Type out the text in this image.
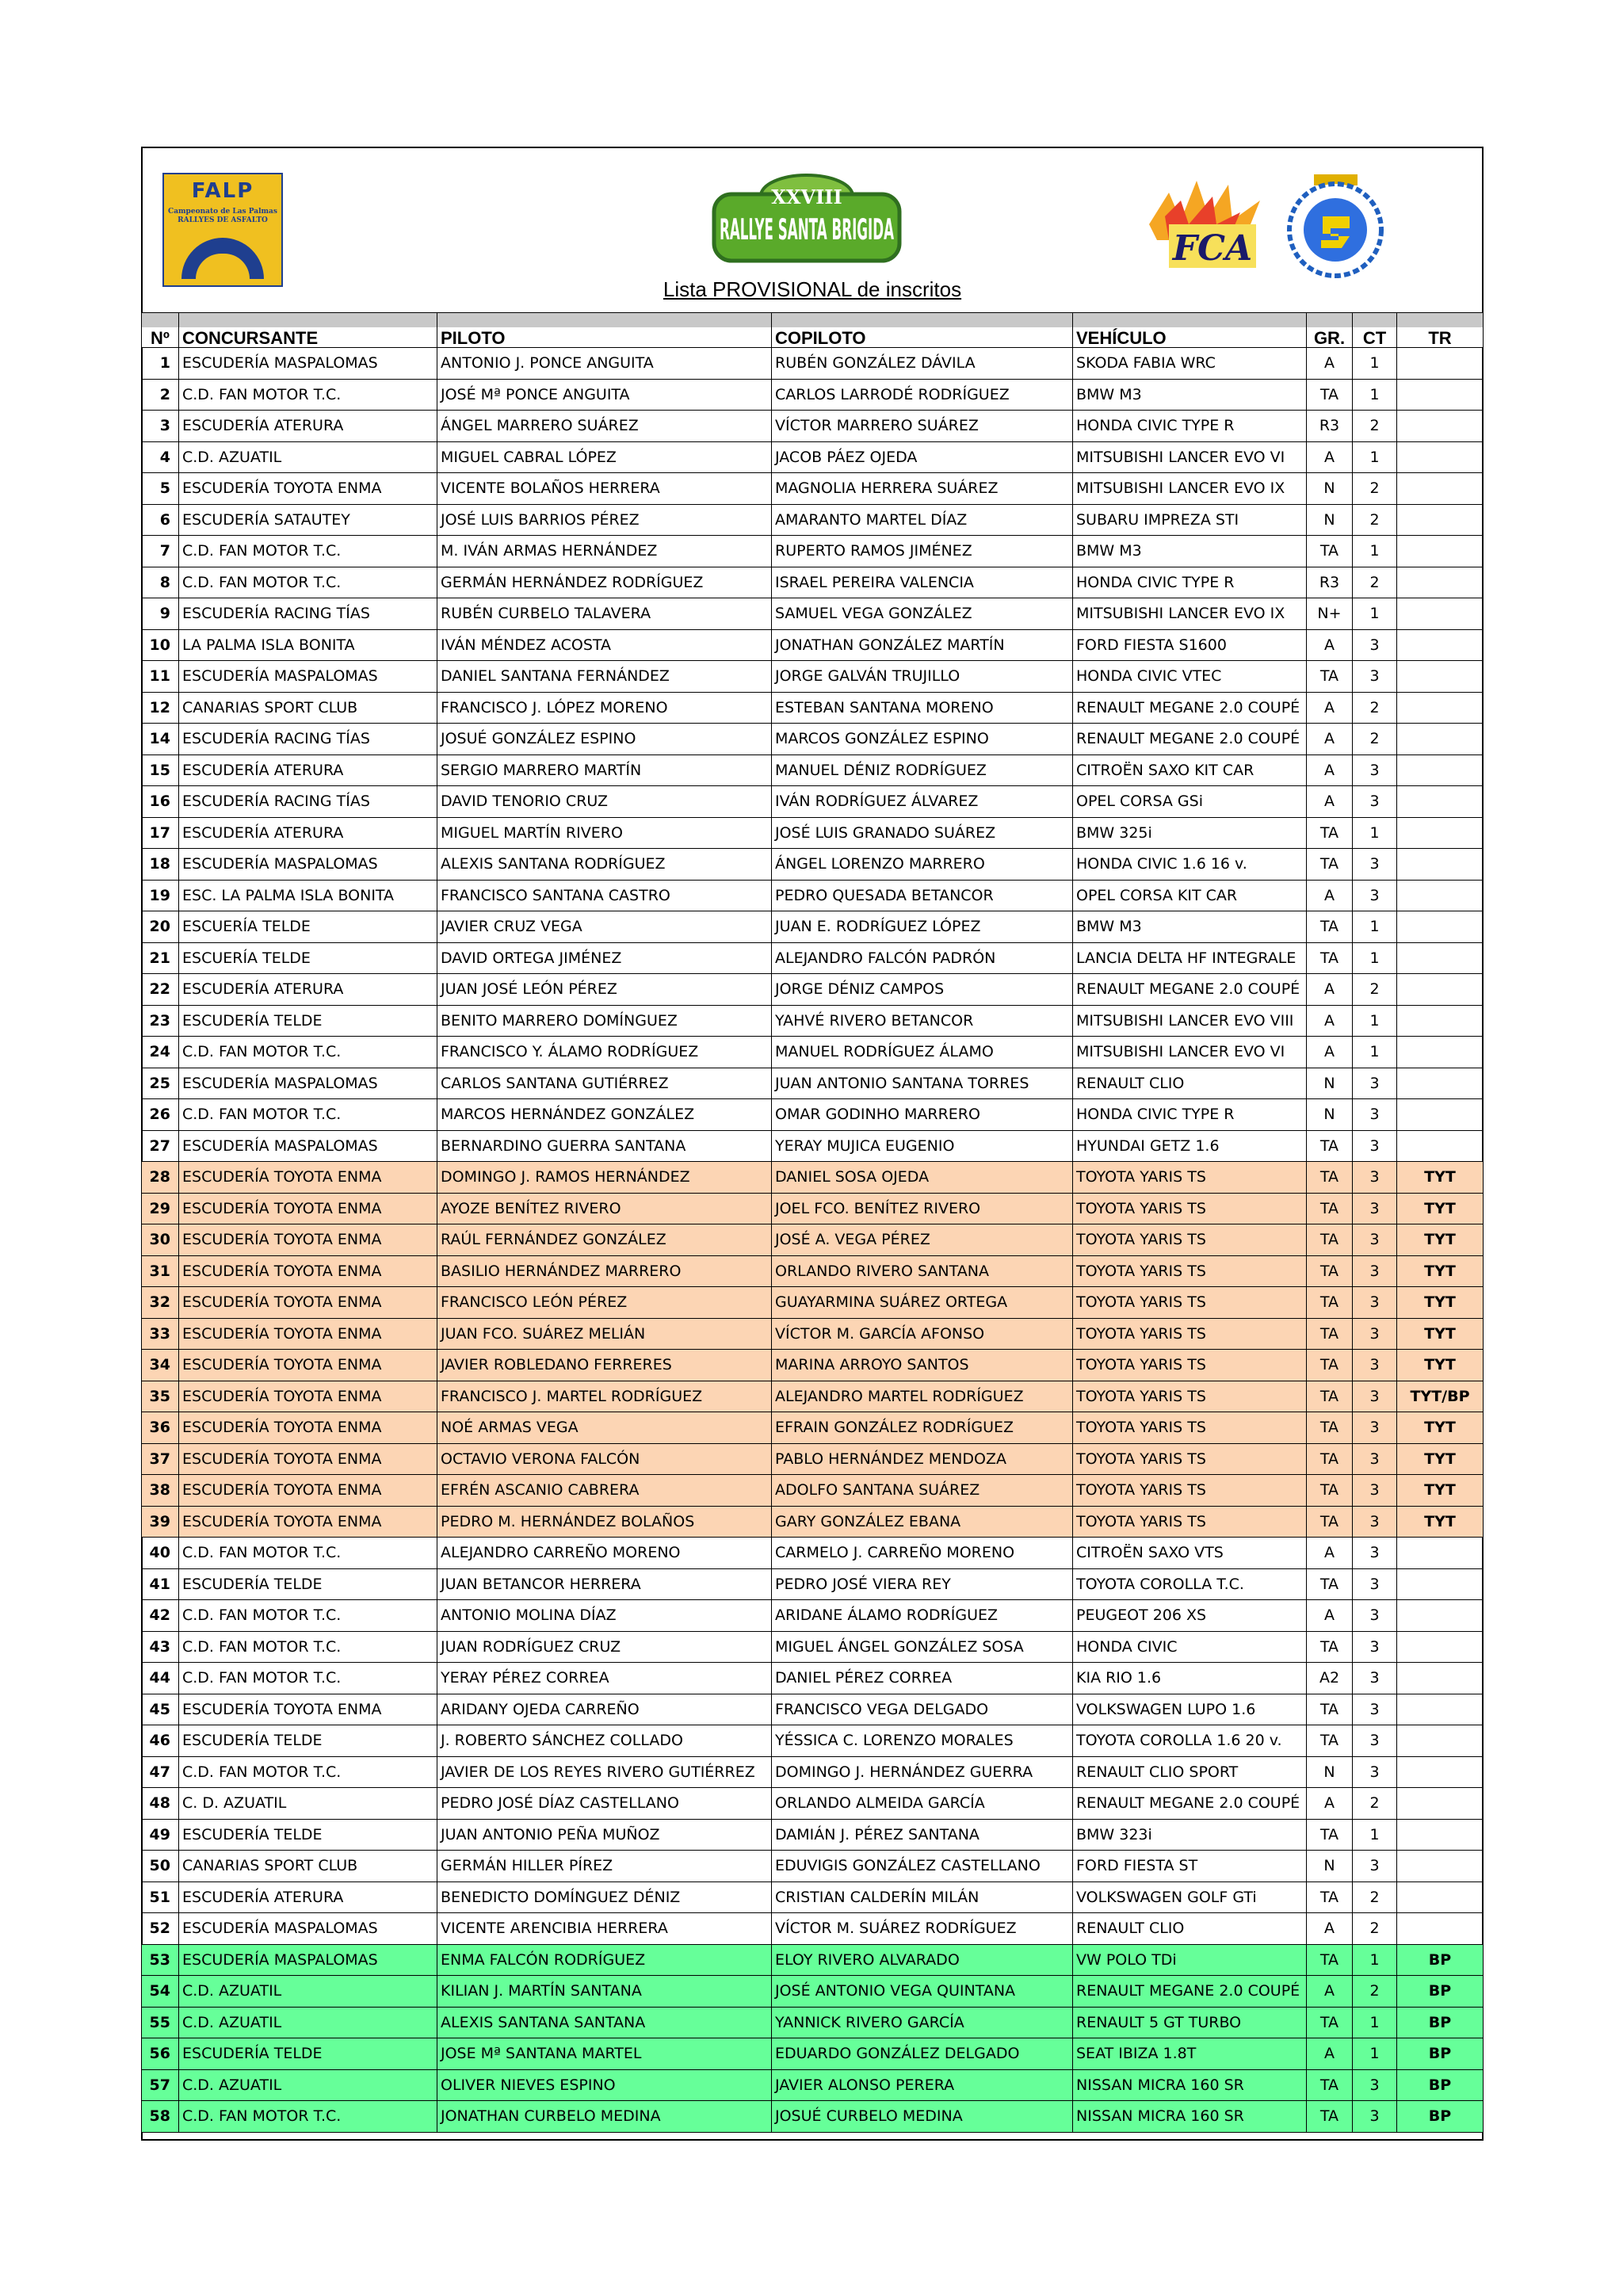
FALP
Campeonato de Las Palmas RALLYES DE ASFALTO
XXVIII
RALLYE SANTA BRIGIDA	FCA
Lista PROVISIONAL de inscritos
Nº CONCURSANTE	PILOTO	COPILOTO	VEHÍCULO	GR.	CT	TR
1 ESCUDERÍA MASPALOMAS	ANTONIO J. PONCE ANGUITA	RUBÉN GONZÁLEZ DÁVILA	SKODA FABIA WRC	A	1
2 C.D. FAN MOTOR T.C.	JOSÉ Mª PONCE ANGUITA	CARLOS LARRODÉ RODRÍGUEZ	BMW M3	TA	1
3 ESCUDERÍA ATERURA	ÁNGEL MARRERO SUÁREZ	VÍCTOR MARRERO SUÁREZ	HONDA CIVIC TYPE R	R3	2
4 C.D. AZUATIL	MIGUEL CABRAL LÓPEZ	JACOB PÁEZ OJEDA	MITSUBISHI LANCER EVO VI	A	1
5 ESCUDERÍA TOYOTA ENMA	VICENTE BOLAÑOS HERRERA	MAGNOLIA HERRERA SUÁREZ	MITSUBISHI LANCER EVO IX	N	2
6 ESCUDERÍA SATAUTEY	JOSÉ LUIS BARRIOS PÉREZ	AMARANTO MARTEL DÍAZ	SUBARU IMPREZA STI	N	2
7 C.D. FAN MOTOR T.C.	M. IVÁN ARMAS HERNÁNDEZ	RUPERTO RAMOS JIMÉNEZ	BMW M3	TA	1
8 C.D. FAN MOTOR T.C.	GERMÁN HERNÁNDEZ RODRÍGUEZ	ISRAEL PEREIRA VALENCIA	HONDA CIVIC TYPE R	R3	2
9 ESCUDERÍA RACING TÍAS	RUBÉN CURBELO TALAVERA	SAMUEL VEGA GONZÁLEZ	MITSUBISHI LANCER EVO IX	N+	1
10 LA PALMA ISLA BONITA	IVÁN MÉNDEZ ACOSTA	JONATHAN GONZÁLEZ MARTÍN	FORD FIESTA S1600	A	3
11 ESCUDERÍA MASPALOMAS	DANIEL SANTANA FERNÁNDEZ	JORGE GALVÁN TRUJILLO	HONDA CIVIC VTEC	TA	3
12 CANARIAS SPORT CLUB	FRANCISCO J. LÓPEZ MORENO	ESTEBAN SANTANA MORENO	RENAULT MEGANE 2.0 COUPÉ	A	2
14 ESCUDERÍA RACING TÍAS	JOSUÉ GONZÁLEZ ESPINO	MARCOS GONZÁLEZ ESPINO	RENAULT MEGANE 2.0 COUPÉ	A	2
15 ESCUDERÍA ATERURA	SERGIO MARRERO MARTÍN	MANUEL DÉNIZ RODRÍGUEZ	CITROËN SAXO KIT CAR	A	3
16 ESCUDERÍA RACING TÍAS	DAVID TENORIO CRUZ	IVÁN RODRÍGUEZ ÁLVAREZ	OPEL CORSA GSi	A	3
17 ESCUDERÍA ATERURA	MIGUEL MARTÍN RIVERO	JOSÉ LUIS GRANADO SUÁREZ	BMW 325i	TA	1
18 ESCUDERÍA MASPALOMAS	ALEXIS SANTANA RODRÍGUEZ	ÁNGEL LORENZO MARRERO	HONDA CIVIC 1.6 16 v.	TA	3
19 ESC. LA PALMA ISLA BONITA	FRANCISCO SANTANA CASTRO	PEDRO QUESADA BETANCOR	OPEL CORSA KIT CAR	A	3
20 ESCUERÍA TELDE	JAVIER CRUZ VEGA	JUAN E. RODRÍGUEZ LÓPEZ	BMW M3	TA	1
21 ESCUERÍA TELDE	DAVID ORTEGA JIMÉNEZ	ALEJANDRO FALCÓN PADRÓN	LANCIA DELTA HF INTEGRALE	TA	1
22 ESCUDERÍA ATERURA	JUAN JOSÉ LEÓN PÉREZ	JORGE DÉNIZ CAMPOS	RENAULT MEGANE 2.0 COUPÉ	A	2
23 ESCUDERÍA TELDE	BENITO MARRERO DOMÍNGUEZ	YAHVÉ RIVERO BETANCOR	MITSUBISHI LANCER EVO VIII	A	1
24 C.D. FAN MOTOR T.C.	FRANCISCO Y. ÁLAMO RODRÍGUEZ	MANUEL RODRÍGUEZ ÁLAMO	MITSUBISHI LANCER EVO VI	A	1
25 ESCUDERÍA MASPALOMAS	CARLOS SANTANA GUTIÉRREZ	JUAN ANTONIO SANTANA TORRES	RENAULT CLIO	N	3
26 C.D. FAN MOTOR T.C.	MARCOS HERNÁNDEZ GONZÁLEZ	OMAR GODINHO MARRERO	HONDA CIVIC TYPE R	N	3
27 ESCUDERÍA MASPALOMAS	BERNARDINO GUERRA SANTANA	YERAY MUJICA EUGENIO	HYUNDAI GETZ 1.6	TA	3
28 ESCUDERÍA TOYOTA ENMA	DOMINGO J. RAMOS HERNÁNDEZ	DANIEL SOSA OJEDA	TOYOTA YARIS TS	TA	3	TYT
29 ESCUDERÍA TOYOTA ENMA	AYOZE BENÍTEZ RIVERO	JOEL FCO. BENÍTEZ RIVERO	TOYOTA YARIS TS	TA	3	TYT
30 ESCUDERÍA TOYOTA ENMA	RAÚL FERNÁNDEZ GONZÁLEZ	JOSÉ A. VEGA PÉREZ	TOYOTA YARIS TS	TA	3	TYT
31 ESCUDERÍA TOYOTA ENMA	BASILIO HERNÁNDEZ MARRERO	ORLANDO RIVERO SANTANA	TOYOTA YARIS TS	TA	3	TYT
32 ESCUDERÍA TOYOTA ENMA	FRANCISCO LEÓN PÉREZ	GUAYARMINA SUÁREZ ORTEGA	TOYOTA YARIS TS	TA	3	TYT
33 ESCUDERÍA TOYOTA ENMA	JUAN FCO. SUÁREZ MELIÁN	VÍCTOR M. GARCÍA AFONSO	TOYOTA YARIS TS	TA	3	TYT
34 ESCUDERÍA TOYOTA ENMA	JAVIER ROBLEDANO FERRERES	MARINA ARROYO SANTOS	TOYOTA YARIS TS	TA	3	TYT
35 ESCUDERÍA TOYOTA ENMA	FRANCISCO J. MARTEL RODRÍGUEZ	ALEJANDRO MARTEL RODRÍGUEZ	TOYOTA YARIS TS	TA	3	TYT/BP
36 ESCUDERÍA TOYOTA ENMA	NOÉ ARMAS VEGA	EFRAIN GONZÁLEZ RODRÍGUEZ	TOYOTA YARIS TS	TA	3	TYT
37 ESCUDERÍA TOYOTA ENMA	OCTAVIO VERONA FALCÓN	PABLO HERNÁNDEZ MENDOZA	TOYOTA YARIS TS	TA	3	TYT
38 ESCUDERÍA TOYOTA ENMA	EFRÉN ASCANIO CABRERA	ADOLFO SANTANA SUÁREZ	TOYOTA YARIS TS	TA	3	TYT
39 ESCUDERÍA TOYOTA ENMA	PEDRO M. HERNÁNDEZ BOLAÑOS	GARY GONZÁLEZ EBANA	TOYOTA YARIS TS	TA	3	TYT
40 C.D. FAN MOTOR T.C.	ALEJANDRO CARREÑO MORENO	CARMELO J. CARREÑO MORENO	CITROËN SAXO VTS	A	3
41 ESCUDERÍA TELDE	JUAN BETANCOR HERRERA	PEDRO JOSÉ VIERA REY	TOYOTA COROLLA T.C.	TA	3
42 C.D. FAN MOTOR T.C.	ANTONIO MOLINA DÍAZ	ARIDANE ÁLAMO RODRÍGUEZ	PEUGEOT 206 XS	A	3
43 C.D. FAN MOTOR T.C.	JUAN RODRÍGUEZ CRUZ	MIGUEL ÁNGEL GONZÁLEZ SOSA	HONDA CIVIC	TA	3
44 C.D. FAN MOTOR T.C.	YERAY PÉREZ CORREA	DANIEL PÉREZ CORREA	KIA RIO 1.6	A2	3
45 ESCUDERÍA TOYOTA ENMA	ARIDANY OJEDA CARREÑO	FRANCISCO VEGA DELGADO	VOLKSWAGEN LUPO 1.6	TA	3
46 ESCUDERÍA TELDE	J. ROBERTO SÁNCHEZ COLLADO	YÉSSICA C. LORENZO MORALES	TOYOTA COROLLA 1.6 20 v.	TA	3
47 C.D. FAN MOTOR T.C.	JAVIER DE LOS REYES RIVERO GUTIÉRREZ	DOMINGO J. HERNÁNDEZ GUERRA	RENAULT CLIO SPORT	N	3
48 C. D. AZUATIL	PEDRO JOSÉ DÍAZ CASTELLANO	ORLANDO ALMEIDA GARCÍA	RENAULT MEGANE 2.0 COUPÉ	A	2
49 ESCUDERÍA TELDE	JUAN ANTONIO PEÑA MUÑOZ	DAMIÁN J. PÉREZ SANTANA	BMW 323i	TA	1
50 CANARIAS SPORT CLUB	GERMÁN HILLER PÍREZ	EDUVIGIS GONZÁLEZ CASTELLANO	FORD FIESTA ST	N	3
51 ESCUDERÍA ATERURA	BENEDICTO DOMÍNGUEZ DÉNIZ	CRISTIAN CALDERÍN MILÁN	VOLKSWAGEN GOLF GTi	TA	2
52 ESCUDERÍA MASPALOMAS	VICENTE ARENCIBIA HERRERA	VÍCTOR M. SUÁREZ RODRÍGUEZ	RENAULT CLIO	A	2
53 ESCUDERÍA MASPALOMAS	ENMA FALCÓN RODRÍGUEZ	ELOY RIVERO ALVARADO	VW POLO TDi	TA	1	BP
54 C.D. AZUATIL	KILIAN J. MARTÍN SANTANA	JOSÉ ANTONIO VEGA QUINTANA	RENAULT MEGANE 2.0 COUPÉ	A	2	BP
55 C.D. AZUATIL	ALEXIS SANTANA SANTANA	YANNICK RIVERO GARCÍA	RENAULT 5 GT TURBO	TA	1	BP
56 ESCUDERÍA TELDE	JOSE Mª SANTANA MARTEL	EDUARDO GONZÁLEZ DELGADO	SEAT IBIZA 1.8T	A	1	BP
57 C.D. AZUATIL	OLIVER NIEVES ESPINO	JAVIER ALONSO PERERA	NISSAN MICRA 160 SR	TA	3	BP
58 C.D. FAN MOTOR T.C.	JONATHAN CURBELO MEDINA	JOSUÉ CURBELO MEDINA	NISSAN MICRA 160 SR	TA	3	BP
